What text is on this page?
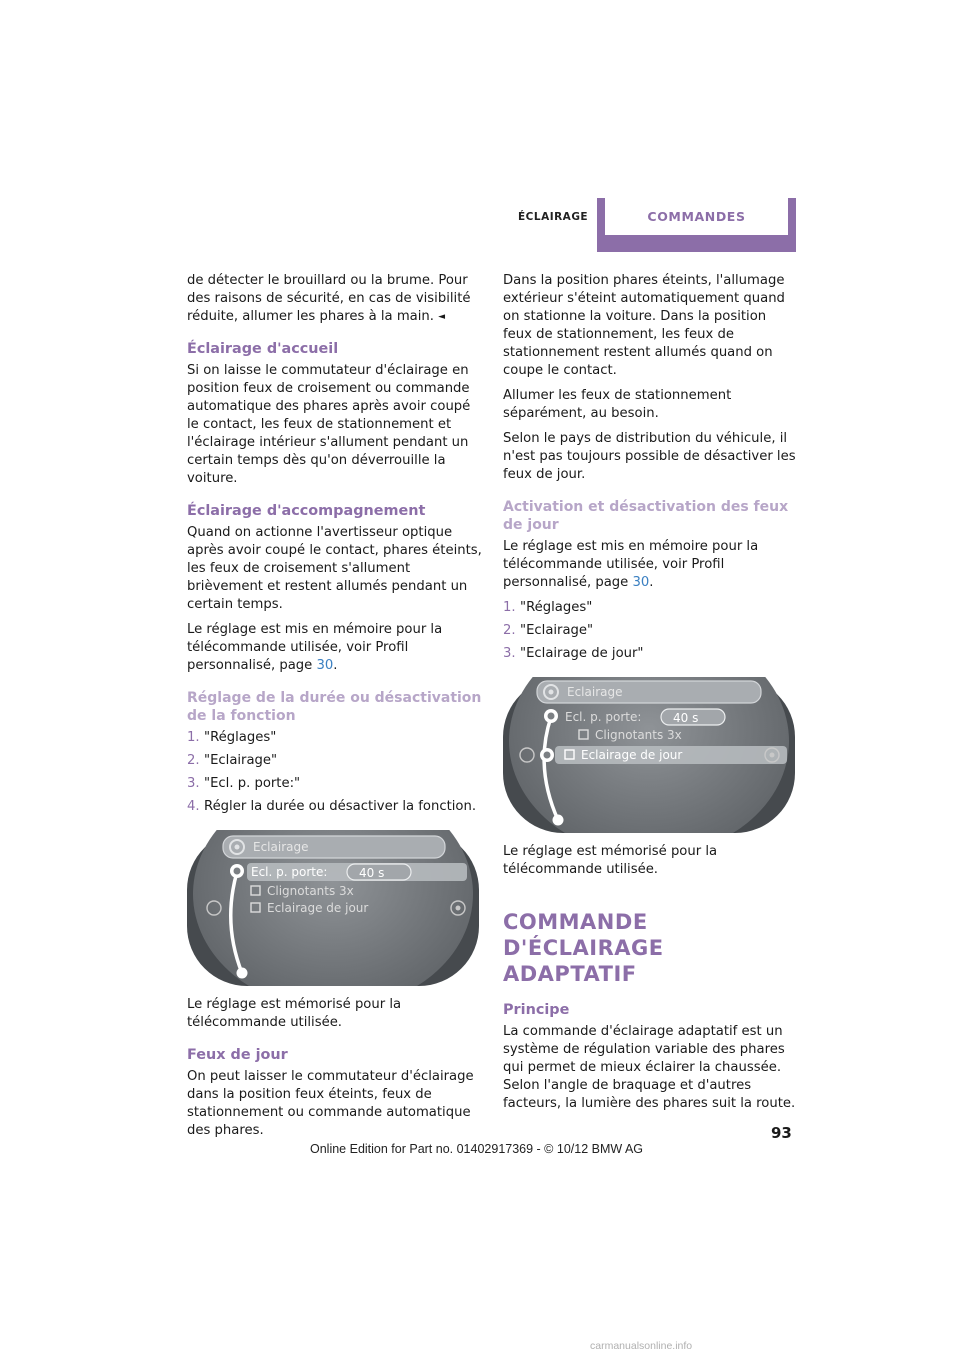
ÉCLAIRAGE	COMMANDES

de détecter le brouillard ou la brume. Pour des raisons de sécurité, en cas de visibilité réduite, allumer les phares à la main. ◄

Éclairage d'accueil

Si on laisse le commutateur d'éclairage en position feux de croisement ou commande automatique des phares après avoir coupé le contact, les feux de stationnement et l'éclairage intérieur s'allument pendant un certain temps dès qu'on déverrouille la voiture.

Éclairage d'accompagnement

Quand on actionne l'avertisseur optique après avoir coupé le contact, phares éteints, les feux de croisement s'allument brièvement et restent allumés pendant un certain temps.

Le réglage est mis en mémoire pour la télécommande utilisée, voir Profil personnalisé, page 30.

Réglage de la durée ou désactivation de la fonction
1. "Réglages"
2. "Eclairage"
3. "Ecl. p. porte:"
4. Régler la durée ou désactiver la fonction.
Eclairage
Ecl. p. porte:	40 s
Clignotants 3x
Eclairage de jour

Le réglage est mémorisé pour la télécommande utilisée.

Feux de jour

On peut laisser le commutateur d'éclairage dans la position feux éteints, feux de stationnement ou commande automatique des phares.

Dans la position phares éteints, l'allumage extérieur s'éteint automatiquement quand on stationne la voiture. Dans la position feux de stationnement, les feux de stationnement restent allumés quand on coupe le contact.

Allumer les feux de stationnement séparément, au besoin.

Selon le pays de distribution du véhicule, il n'est pas toujours possible de désactiver les feux de jour.

Activation et désactivation des feux de jour

Le réglage est mis en mémoire pour la télécommande utilisée, voir Profil personnalisé, page 30.

1. "Réglages"
2. "Eclairage"
3. "Eclairage de jour"
Eclairage
Ecl. p. porte:	40 s
Clignotants 3x
Eclairage de jour

Le réglage est mémorisé pour la télécommande utilisée.

COMMANDE D'ÉCLAIRAGE ADAPTATIF
Principe

La commande d'éclairage adaptatif est un système de régulation variable des phares qui permet de mieux éclairer la chaussée. Selon l'angle de braquage et d'autres facteurs, la lumière des phares suit la route.

93
Online Edition for Part no. 01402917369 - © 10/12 BMW AG
carmanualsonline.info
